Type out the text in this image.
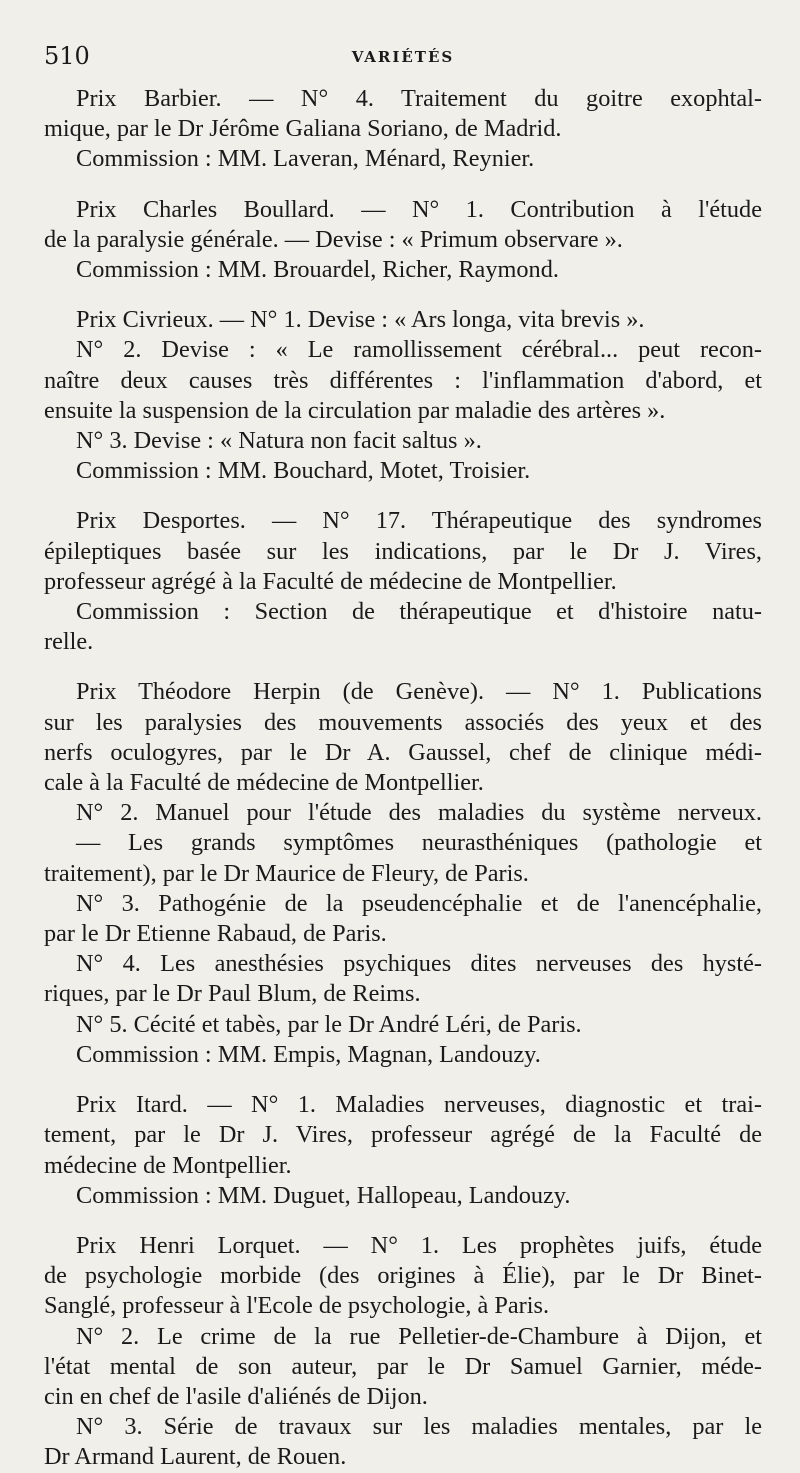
510	VARIÉTÉS
Prix Barbier. — N° 4. Traitement du goitre exophtal-
mique, par le Dr Jérôme Galiana Soriano, de Madrid.
Commission : MM. Laveran, Ménard, Reynier.
Prix Charles Boullard. — N° 1. Contribution à l'étude
de la paralysie générale. — Devise : « Primum observare ».
Commission : MM. Brouardel, Richer, Raymond.
Prix Civrieux. — N° 1. Devise : « Ars longa, vita brevis ».
N° 2. Devise : « Le ramollissement cérébral... peut recon-
naître deux causes très différentes : l'inflammation d'abord, et
ensuite la suspension de la circulation par maladie des artères ».
N° 3. Devise : « Natura non facit saltus ».
Commission : MM. Bouchard, Motet, Troisier.
Prix Desportes. — N° 17. Thérapeutique des syndromes
épileptiques basée sur les indications, par le Dr J. Vires,
professeur agrégé à la Faculté de médecine de Montpellier.
Commission : Section de thérapeutique et d'histoire natu-
relle.
Prix Théodore Herpin (de Genève). — N° 1. Publications
sur les paralysies des mouvements associés des yeux et des
nerfs oculogyres, par le Dr A. Gaussel, chef de clinique médi-
cale à la Faculté de médecine de Montpellier.
N° 2. Manuel pour l'étude des maladies du système nerveux.
— Les grands symptômes neurasthéniques (pathologie et
traitement), par le Dr Maurice de Fleury, de Paris.
N° 3. Pathogénie de la pseudencéphalie et de l'anencéphalie,
par le Dr Etienne Rabaud, de Paris.
N° 4. Les anesthésies psychiques dites nerveuses des hysté-
riques, par le Dr Paul Blum, de Reims.
N° 5. Cécité et tabès, par le Dr André Léri, de Paris.
Commission : MM. Empis, Magnan, Landouzy.
Prix Itard. — N° 1. Maladies nerveuses, diagnostic et trai-
tement, par le Dr J. Vires, professeur agrégé de la Faculté de
médecine de Montpellier.
Commission : MM. Duguet, Hallopeau, Landouzy.
Prix Henri Lorquet. — N° 1. Les prophètes juifs, étude
de psychologie morbide (des origines à Élie), par le Dr Binet-
Sanglé, professeur à l'Ecole de psychologie, à Paris.
N° 2. Le crime de la rue Pelletier-de-Chambure à Dijon, et
l'état mental de son auteur, par le Dr Samuel Garnier, méde-
cin en chef de l'asile d'aliénés de Dijon.
N° 3. Série de travaux sur les maladies mentales, par le
Dr Armand Laurent, de Rouen.
